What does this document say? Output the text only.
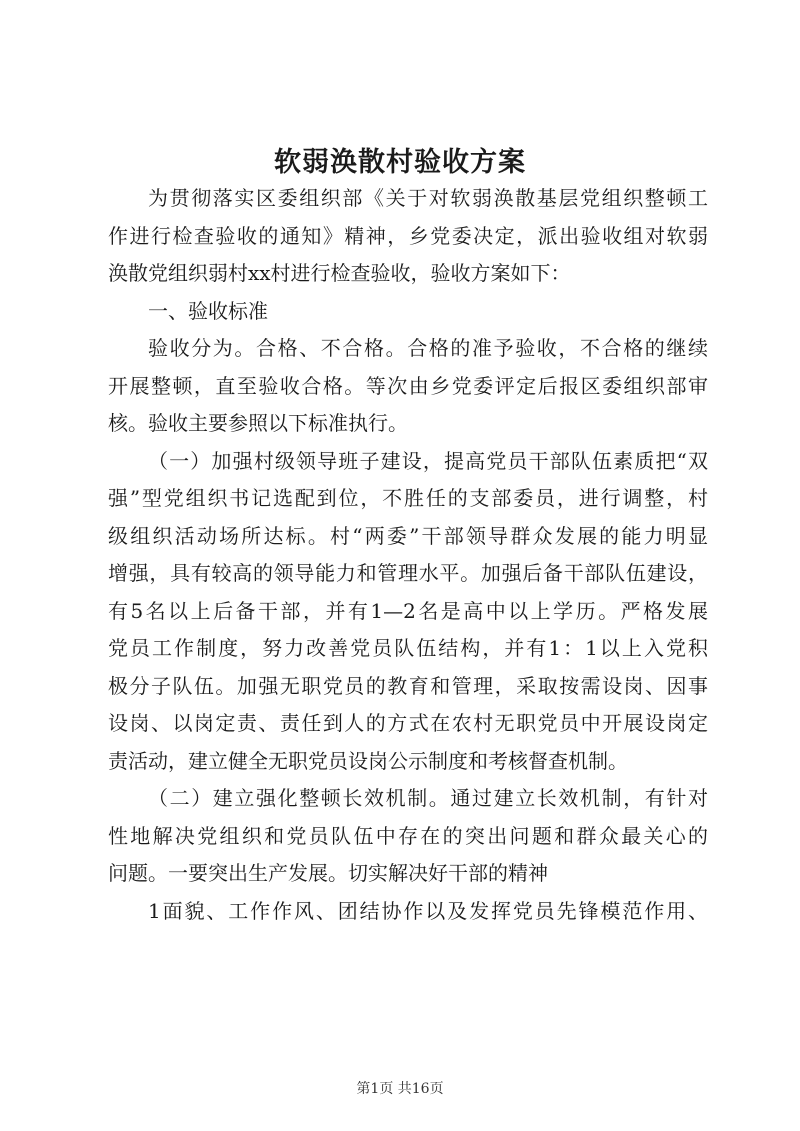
软弱涣散村验收方案
为贯彻落实区委组织部《关于对软弱涣散基层党组织整顿工
作进行检查验收的通知》精神，乡党委决定，派出验收组对软弱
涣散党组织弱村xx村进行检查验收，验收方案如下：
一、验收标准
验收分为。合格、不合格。合格的准予验收，不合格的继续
开展整顿，直至验收合格。等次由乡党委评定后报区委组织部审
核。验收主要参照以下标准执行。
（一）加强村级领导班子建设，提高党员干部队伍素质把“双
强”型党组织书记选配到位，不胜任的支部委员，进行调整，村
级组织活动场所达标。村“两委”干部领导群众发展的能力明显
增强，具有较高的领导能力和管理水平。加强后备干部队伍建设，
有5名以上后备干部，并有1—2名是高中以上学历。严格发展
党员工作制度，努力改善党员队伍结构，并有1：1以上入党积
极分子队伍。加强无职党员的教育和管理，采取按需设岗、因事
设岗、以岗定责、责任到人的方式在农村无职党员中开展设岗定
责活动，建立健全无职党员设岗公示制度和考核督查机制。
（二）建立强化整顿长效机制。通过建立长效机制，有针对
性地解决党组织和党员队伍中存在的突出问题和群众最关心的
问题。一要突出生产发展。切实解决好干部的精神
1面貌、工作作风、团结协作以及发挥党员先锋模范作用、
第1页 共16页
